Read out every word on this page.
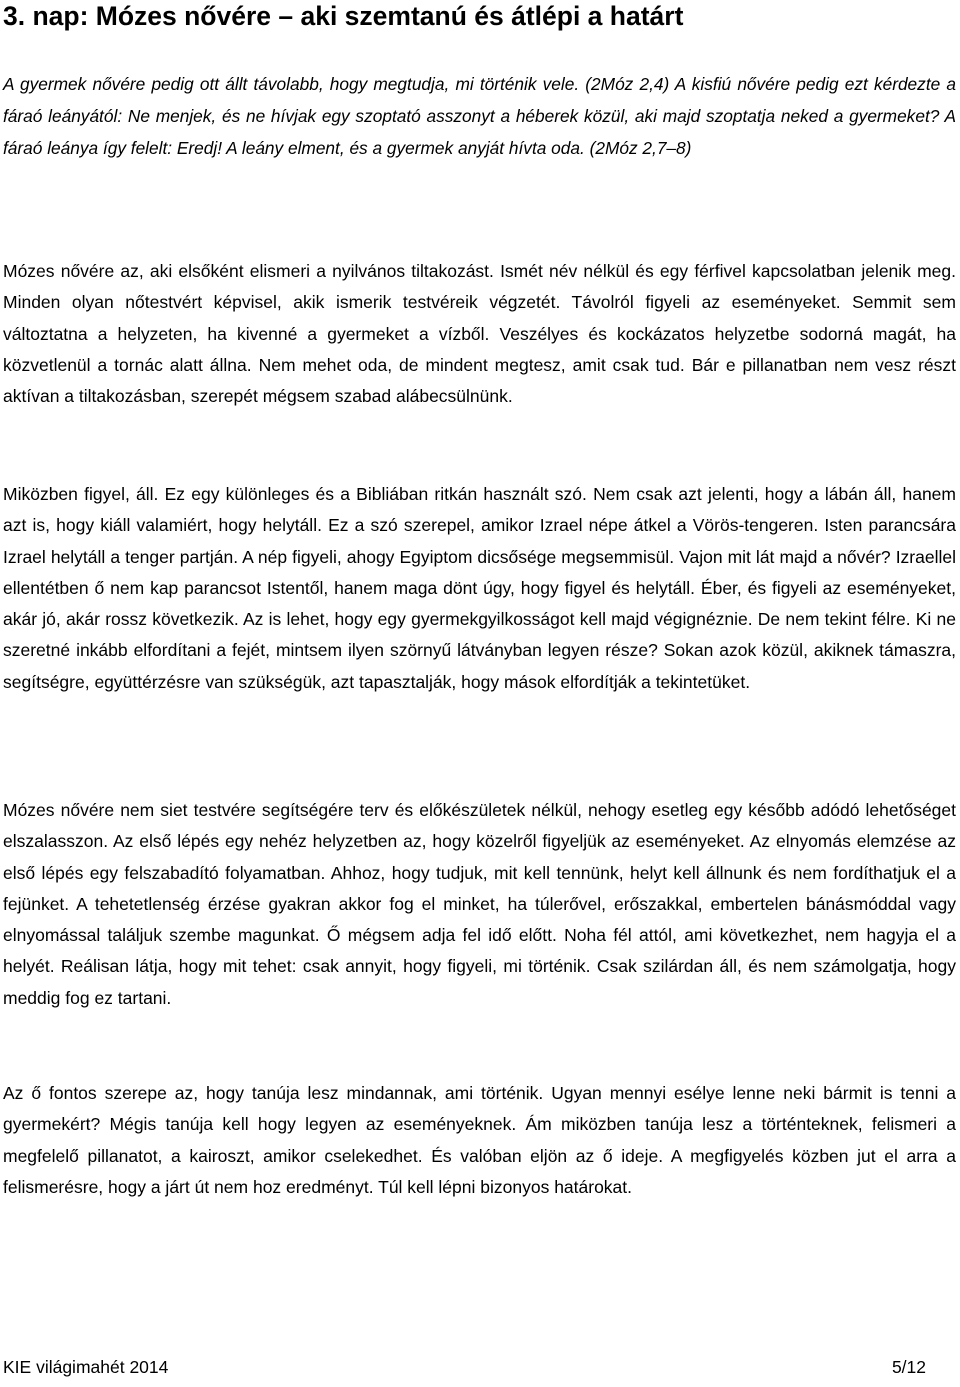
3. nap: Mózes nővére – aki szemtanú és átlépi a határt

A gyermek nővére pedig ott állt távolabb, hogy megtudja, mi történik vele. (2Móz 2,4) A kisfiú nővére pedig ezt kérdezte a fáraó leányától: Ne menjek, és ne hívjak egy szoptató asszonyt a héberek közül, aki majd szoptatja neked a gyermeket? A fáraó leánya így felelt: Eredj! A leány elment, és a gyermek anyját hívta oda. (2Móz 2,7–8)

Mózes nővére az, aki elsőként elismeri a nyilvános tiltakozást. Ismét név nélkül és egy férfivel kapcsolatban jelenik meg. Minden olyan nőtestvért képvisel, akik ismerik testvéreik végzetét. Távolról figyeli az eseményeket. Semmit sem változtatna a helyzeten, ha kivenné a gyermeket a vízből. Veszélyes és kockázatos helyzetbe sodorná magát, ha közvetlenül a tornác alatt állna. Nem mehet oda, de mindent megtesz, amit csak tud. Bár e pillanatban nem vesz részt aktívan a tiltakozásban, szerepét mégsem szabad alábecsülnünk.

Miközben figyel, áll. Ez egy különleges és a Bibliában ritkán használt szó. Nem csak azt jelenti, hogy a lábán áll, hanem azt is, hogy kiáll valamiért, hogy helytáll. Ez a szó szerepel, amikor Izrael népe átkel a Vörös-tengeren. Isten parancsára Izrael helytáll a tenger partján. A nép figyeli, ahogy Egyiptom dicsősége megsemmisül. Vajon mit lát majd a nővér? Izraellel ellentétben ő nem kap parancsot Istentől, hanem maga dönt úgy, hogy figyel és helytáll. Éber, és figyeli az eseményeket, akár jó, akár rossz következik. Az is lehet, hogy egy gyermekgyilkosságot kell majd végignéznie. De nem tekint félre. Ki ne szeretné inkább elfordítani a fejét, mintsem ilyen szörnyű látványban legyen része? Sokan azok közül, akiknek támaszra, segítségre, együttérzésre van szükségük, azt tapasztalják, hogy mások elfordítják a tekintetüket.

Mózes nővére nem siet testvére segítségére terv és előkészületek nélkül, nehogy esetleg egy később adódó lehetőséget elszalasszon. Az első lépés egy nehéz helyzetben az, hogy közelről figyeljük az eseményeket. Az elnyomás elemzése az első lépés egy felszabadító folyamatban. Ahhoz, hogy tudjuk, mit kell tennünk, helyt kell állnunk és nem fordíthatjuk el a fejünket. A tehetetlenség érzése gyakran akkor fog el minket, ha túlerővel, erőszakkal, embertelen bánásmóddal vagy elnyomással találjuk szembe magunkat. Ő mégsem adja fel idő előtt. Noha fél attól, ami következhet, nem hagyja el a helyét. Reálisan látja, hogy mit tehet: csak annyit, hogy figyeli, mi történik. Csak szilárdan áll, és nem számolgatja, hogy meddig fog ez tartani.

Az ő fontos szerepe az, hogy tanúja lesz mindannak, ami történik. Ugyan mennyi esélye lenne neki bármit is tenni a gyermekért? Mégis tanúja kell hogy legyen az eseményeknek. Ám miközben tanúja lesz a történteknek, felismeri a megfelelő pillanatot, a kairoszt, amikor cselekedhet. És valóban eljön az ő ideje. A megfigyelés közben jut el arra a felismerésre, hogy a járt út nem hoz eredményt. Túl kell lépni bizonyos határokat.

KIE világimahét 2014	5/12
